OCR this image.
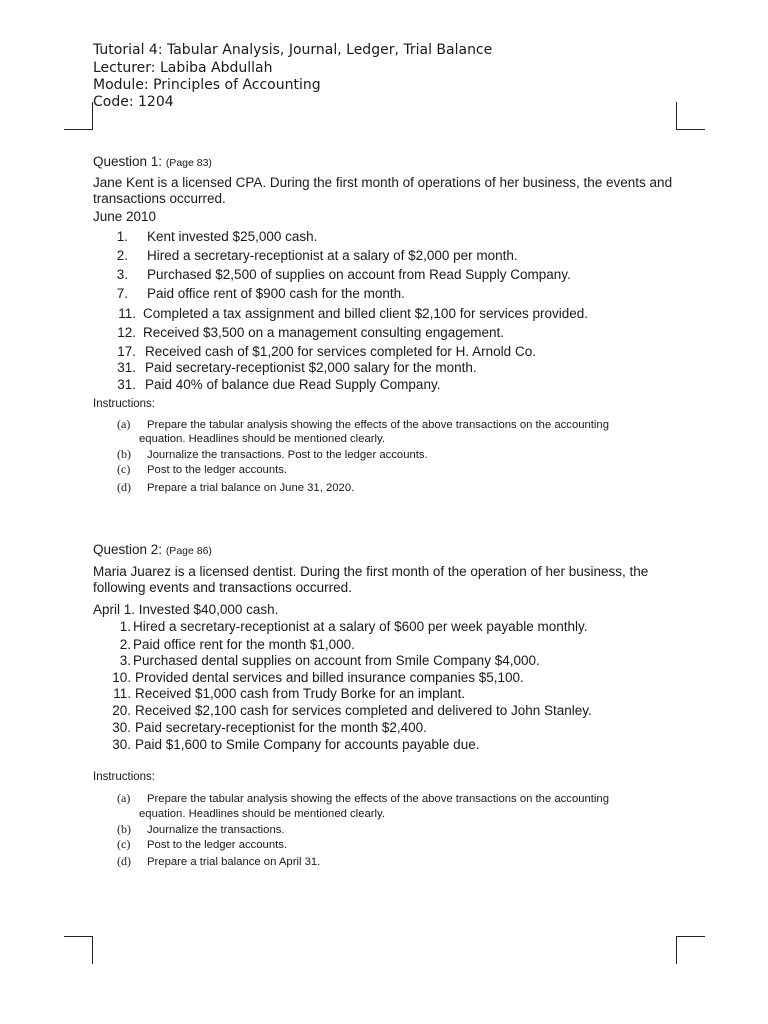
Tutorial 4: Tabular Analysis, Journal, Ledger, Trial Balance
Lecturer: Labiba Abdullah
Module: Principles of Accounting
Code: 1204
Question 1: (Page 83)
Jane Kent is a licensed CPA. During the first month of operations of her business, the events and
transactions occurred.
June 2010
1. Kent invested $25,000 cash.
2. Hired a secretary-receptionist at a salary of $2,000 per month.
3. Purchased $2,500 of supplies on account from Read Supply Company.
7. Paid office rent of $900 cash for the month.
11. Completed a tax assignment and billed client $2,100 for services provided.
12. Received $3,500 on a management consulting engagement.
17. Received cash of $1,200 for services completed for H. Arnold Co.
31. Paid secretary-receptionist $2,000 salary for the month.
31. Paid 40% of balance due Read Supply Company.
Instructions:
(a) Prepare the tabular analysis showing the effects of the above transactions on the accounting
equation. Headlines should be mentioned clearly.
(b) Journalize the transactions. Post to the ledger accounts.
(c) Post to the ledger accounts.
(d) Prepare a trial balance on June 31, 2020.
Question 2: (Page 86)
Maria Juarez is a licensed dentist. During the first month of the operation of her business, the
following events and transactions occurred.
April 1. Invested $40,000 cash.
1. Hired a secretary-receptionist at a salary of $600 per week payable monthly.
2. Paid office rent for the month $1,000.
3. Purchased dental supplies on account from Smile Company $4,000.
10. Provided dental services and billed insurance companies $5,100.
11. Received $1,000 cash from Trudy Borke for an implant.
20. Received $2,100 cash for services completed and delivered to John Stanley.
30. Paid secretary-receptionist for the month $2,400.
30. Paid $1,600 to Smile Company for accounts payable due.
Instructions:
(a) Prepare the tabular analysis showing the effects of the above transactions on the accounting
equation. Headlines should be mentioned clearly.
(b) Journalize the transactions.
(c) Post to the ledger accounts.
(d) Prepare a trial balance on April 31.
